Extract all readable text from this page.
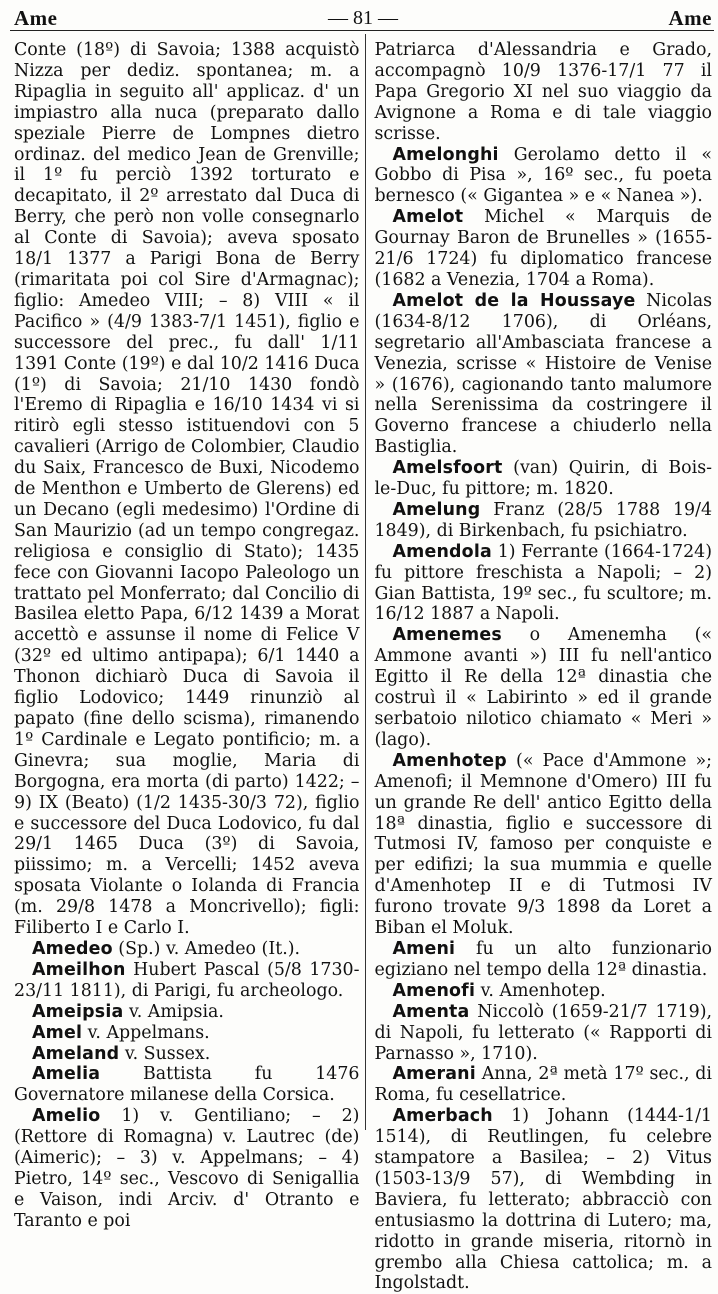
Ame	— 81 —	Ame

Conte (18º) di Savoia; 1388 acquistò Nizza per dediz. spontanea; m. a Ripaglia in seguito all' applicaz. d' un impiastro alla nuca (preparato dallo speziale Pierre de Lompnes dietro ordinaz. del medico Jean de Grenville; il 1º fu perciò 1392 torturato e decapitato, il 2º arrestato dal Duca di Berry, che però non volle consegnarlo al Conte di Savoia); aveva sposato 18/1 1377 a Parigi Bona de Berry (rimaritata poi col Sire d'Armagnac); figlio: Amedeo VIII; – 8) VIII « il Pacifico » (4/9 1383-7/1 1451), figlio e successore del prec., fu dall' 1/11 1391 Conte (19º) e dal 10/2 1416 Duca (1º) di Savoia; 21/10 1430 fondò l'Eremo di Ripaglia e 16/10 1434 vi si ritirò egli stesso istituendovi con 5 cavalieri (Arrigo de Colombier, Claudio du Saix, Francesco de Buxi, Nicodemo de Menthon e Umberto de Glerens) ed un Decano (egli medesimo) l'Ordine di San Maurizio (ad un tempo congregaz. religiosa e consiglio di Stato); 1435 fece con Giovanni Iacopo Paleologo un trattato pel Monferrato; dal Concilio di Basilea eletto Papa, 6/12 1439 a Morat accettò e assunse il nome di Felice V (32º ed ultimo antipapa); 6/1 1440 a Thonon dichiarò Duca di Savoia il figlio Lodovico; 1449 rinunziò al papato (fine dello scisma), rimanendo 1º Cardinale e Legato pontificio; m. a Ginevra; sua moglie, Maria di Borgogna, era morta (di parto) 1422; – 9) IX (Beato) (1/2 1435-30/3 72), figlio e successore del Duca Lodovico, fu dal 29/1 1465 Duca (3º) di Savoia, piissimo; m. a Vercelli; 1452 aveva sposata Violante o Iolanda di Francia (m. 29/8 1478 a Moncrivello); figli: Filiberto I e Carlo I.

Amedeo (Sp.) v. Amedeo (It.).

Ameilhon Hubert Pascal (5/8 1730-23/11 1811), di Parigi, fu archeologo.

Ameipsia v. Amipsia.

Amel v. Appelmans.

Ameland v. Sussex.

Amelia Battista fu 1476 Governatore milanese della Corsica.

Amelio 1) v. Gentiliano; – 2) (Rettore di Romagna) v. Lautrec (de) (Aimeric); – 3) v. Appelmans; – 4) Pietro, 14º sec., Vescovo di Senigallia e Vaison, indi Arciv. d' Otranto e Taranto e poi

Patriarca d'Alessandria e Grado, accompagnò 10/9 1376-17/1 77 il Papa Gregorio XI nel suo viaggio da Avignone a Roma e di tale viaggio scrisse.

Amelonghi Gerolamo detto il « Gobbo di Pisa », 16º sec., fu poeta bernesco (« Gigantea » e « Nanea »).

Amelot Michel « Marquis de Gournay Baron de Brunelles » (1655-21/6 1724) fu diplomatico francese (1682 a Venezia, 1704 a Roma).

Amelot de la Houssaye Nicolas (1634-8/12 1706), di Orléans, segretario all'Ambasciata francese a Venezia, scrisse « Histoire de Venise » (1676), cagionando tanto malumore nella Serenissima da costringere il Governo francese a chiuderlo nella Bastiglia.

Amelsfoort (van) Quirin, di Bois-le-Duc, fu pittore; m. 1820.

Amelung Franz (28/5 1788 19/4 1849), di Birkenbach, fu psichiatro.

Amendola 1) Ferrante (1664-1724) fu pittore freschista a Napoli; – 2) Gian Battista, 19º sec., fu scultore; m. 16/12 1887 a Napoli.

Amenemes o Amenemha (« Ammone avanti ») III fu nell'antico Egitto il Re della 12ª dinastia che costruì il « Labirinto » ed il grande serbatoio nilotico chiamato « Meri » (lago).

Amenhotep (« Pace d'Ammone »; Amenofi; il Memnone d'Omero) III fu un grande Re dell' antico Egitto della 18ª dinastia, figlio e successore di Tutmosi IV, famoso per conquiste e per edifizi; la sua mummia e quelle d'Amenhotep II e di Tutmosi IV furono trovate 9/3 1898 da Loret a Biban el Moluk.

Ameni fu un alto funzionario egiziano nel tempo della 12ª dinastia.

Amenofi v. Amenhotep.

Amenta Niccolò (1659-21/7 1719), di Napoli, fu letterato (« Rapporti di Parnasso », 1710).

Amerani Anna, 2ª metà 17º sec., di Roma, fu cesellatrice.

Amerbach 1) Johann (1444-1/1 1514), di Reutlingen, fu celebre stampatore a Basilea; – 2) Vitus (1503-13/9 57), di Wembding in Baviera, fu letterato; abbracciò con entusiasmo la dottrina di Lutero; ma, ridotto in grande miseria, ritornò in grembo alla Chiesa cattolica; m. a Ingolstadt.
